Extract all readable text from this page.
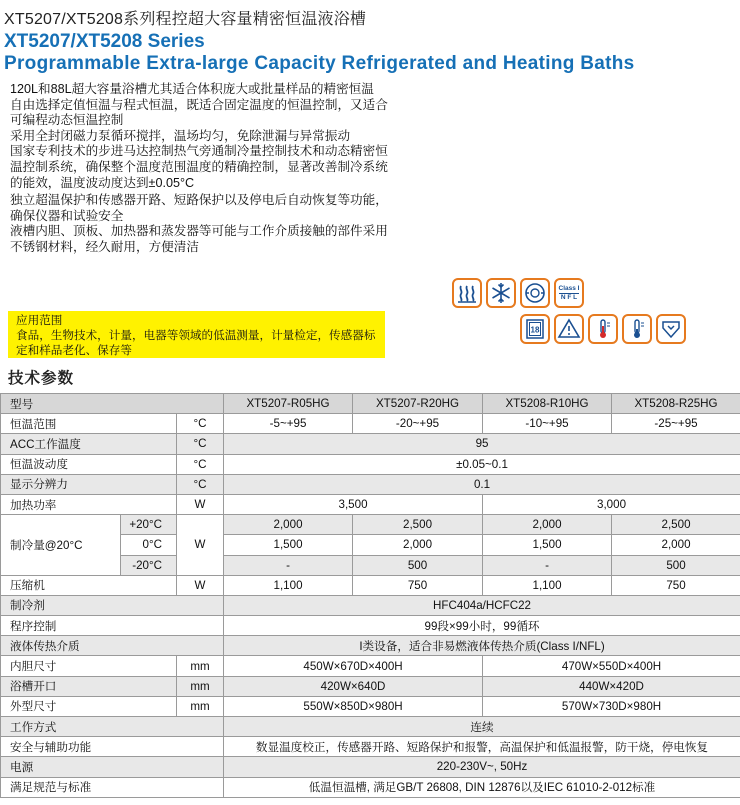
XT5207/XT5208系列程控超大容量精密恒温液浴槽
XT5207/XT5208 Series
Programmable Extra-large Capacity Refrigerated and Heating Baths

120L和88L超大容量浴槽尤其适合体积庞大或批量样品的精密恒温

自由选择定值恒温与程式恒温，既适合固定温度的恒温控制，又适合可编程动态恒温控制

采用全封闭磁力泵循环搅拌，温场均匀，免除泄漏与异常振动

国家专利技术的步进马达控制热气旁通制冷量控制技术和动态精密恒温控制系统，确保整个温度范围温度的精确控制，显著改善制冷系统的能效，温度波动度达到±0.05°C

独立超温保护和传感器开路、短路保护以及停电后自动恢复等功能，确保仪器和试验安全

液槽内胆、顶板、加热器和蒸发器等可能与工作介质接触的部件采用不锈钢材料，经久耐用，方便清洁

Class I
N F L
18
应用范围
食品，生物技术，计量，电器等领域的低温测量，计量检定，传感器标定和样品老化、保存等
技术参数
型号			XT5207-R05HG	XT5207-R20HG	XT5208-R10HG	XT5208-R25HG
恒温范围		°C	-5~+95	-20~+95	-10~+95	-25~+95
ACC工作温度		°C	95			
恒温波动度		°C	±0.05~0.1			
显示分辨力		°C	0.1			
加热功率		W	3,500		3,000	
制冷量@20°C	+20°C	W	2,000	2,500	2,000	2,500
	0°C		1,500	2,000	1,500	2,000
	-20°C		-	500	-	500
压缩机		W	1,100	750	1,100	750
制冷剂			HFC404a/HCFC22			
程序控制			99段×99小时，99循环			
液体传热介质			I类设备，适合非易燃液体传热介质(Class I/NFL)			
内胆尺寸		mm	450W×670D×400H		470W×550D×400H	
浴槽开口		mm	420W×640D		440W×420D	
外型尺寸		mm	550W×850D×980H		570W×730D×980H	
工作方式			连续			
安全与辅助功能			数显温度校正，传感器开路、短路保护和报警，高温保护和低温报警，防干烧，停电恢复			
电源			220-230V~, 50Hz			
满足规范与标准			低温恒温槽, 满足GB/T 26808, DIN 12876以及IEC 61010-2-012标准			
